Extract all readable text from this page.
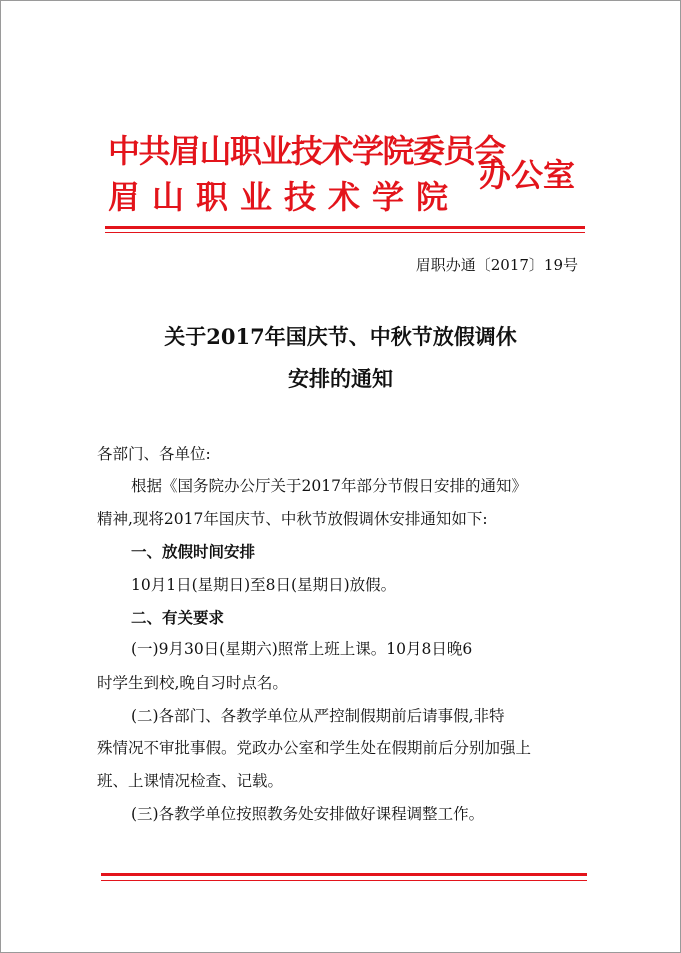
中共眉山职业技术学院委员会
眉山职业技术学院
办公室
眉职办通〔2017〕19号
关于2017年国庆节、中秋节放假调休
安排的通知
各部门、各单位:
根据《国务院办公厅关于2017年部分节假日安排的通知》
精神,现将2017年国庆节、中秋节放假调休安排通知如下:
一、放假时间安排
10月1日(星期日)至8日(星期日)放假。
二、有关要求
(一)9月30日(星期六)照常上班上课。10月8日晚6
时学生到校,晚自习时点名。
(二)各部门、各教学单位从严控制假期前后请事假,非特
殊情况不审批事假。党政办公室和学生处在假期前后分别加强上
班、上课情况检查、记载。
(三)各教学单位按照教务处安排做好课程调整工作。
